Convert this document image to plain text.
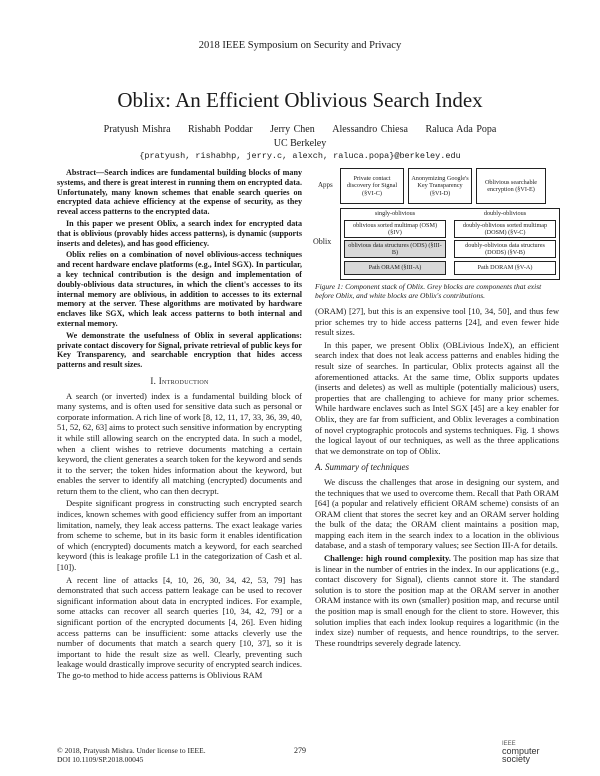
2018 IEEE Symposium on Security and Privacy
Oblix: An Efficient Oblivious Search Index
Pratyush Mishra Rishabh Poddar Jerry Chen Alessandro Chiesa Raluca Ada Popa
UC Berkeley
{pratyush, rishabhp, jerry.c, alexch, raluca.popa}@berkeley.edu

Abstract—Search indices are fundamental building blocks of many systems, and there is great interest in running them on encrypted data. Unfortunately, many known schemes that enable search queries on encrypted data achieve efficiency at the expense of security, as they reveal access patterns to the encrypted data.

In this paper we present Oblix, a search index for encrypted data that is oblivious (provably hides access patterns), is dynamic (supports inserts and deletes), and has good efficiency.

Oblix relies on a combination of novel oblivious-access techniques and recent hardware enclave platforms (e.g., Intel SGX). In particular, a key technical contribution is the design and implementation of doubly-oblivious data structures, in which the client's accesses to its internal memory are oblivious, in addition to accesses to its external memory at the server. These algorithms are motivated by hardware enclaves like SGX, which leak access patterns to both internal and external memory.

We demonstrate the usefulness of Oblix in several applications: private contact discovery for Signal, private retrieval of public keys for Key Transparency, and searchable encryption that hides access patterns and result sizes.

I. Introduction

A search (or inverted) index is a fundamental building block of many systems, and is often used for sensitive data such as personal or corporate information. A rich line of work [8, 12, 11, 17, 33, 36, 39, 40, 51, 52, 62, 63] aims to protect such sensitive information by encrypting it while still allowing search on the encrypted data. In such a model, when a client wishes to retrieve documents matching a certain keyword, the client generates a search token for the keyword and sends it to the server; the token hides information about the keyword, but enables the server to identify all matching (encrypted) documents and return them to the client, who can then decrypt.

Despite significant progress in constructing such encrypted search indices, known schemes with good efficiency suffer from an important limitation, namely, they leak access patterns. The exact leakage varies from scheme to scheme, but in its basic form it enables identification of which (encrypted) documents match a keyword, for each searched keyword (this is leakage profile L1 in the categorization of Cash et al. [10]).

A recent line of attacks [4, 10, 26, 30, 34, 42, 53, 79] has demonstrated that such access pattern leakage can be used to recover significant information about data in encrypted indices. For example, some attacks can recover all search queries [10, 34, 42, 79] or a significant portion of the encrypted documents [4, 26]. Even hiding access patterns can be insufficient: some attacks cleverly use the number of documents that match a search query [10, 37], so it is important to hide the result size as well. Clearly, preventing such leakage would drastically improve security of encrypted search indices. The go-to method to hide access patterns is Oblivious RAM

Apps
Private contact discovery for Signal (§VI-C)
Anonymizing Google's Key Transparency (§VI-D)
Oblivious searchable encryption (§VI-E)
Oblix
singly-oblivious	doubly-oblivious
oblivious sorted multimap (OSM) (§IV)
doubly-oblivious sorted multimap (DOSM) (§V-C)
oblivious data structures (ODS) (§III-B)
doubly-oblivious data structures (DODS) (§V-B)
Path ORAM (§III-A)	Path DORAM (§V-A)
Figure 1: Component stack of Oblix. Grey blocks are components that exist before Oblix, and white blocks are Oblix's contributions.

(ORAM) [27], but this is an expensive tool [10, 34, 50], and thus few prior schemes try to hide access patterns [24], and even fewer hide result sizes.

In this paper, we present Oblix (OBLivious IndeX), an efficient search index that does not leak access patterns and enables hiding the result size of searches. In particular, Oblix protects against all the aforementioned attacks. At the same time, Oblix supports updates (inserts and deletes) as well as multiple (potentially malicious) users, properties that are challenging to achieve for many prior schemes. While hardware enclaves such as Intel SGX [45] are a key enabler for Oblix, they are far from sufficient, and Oblix leverages a combination of novel cryptographic protocols and systems techniques. Fig. 1 shows the logical layout of our techniques, as well as the three applications that we demonstrate on top of Oblix.

A. Summary of techniques

We discuss the challenges that arose in designing our system, and the techniques that we used to overcome them. Recall that Path ORAM [64] (a popular and relatively efficient ORAM scheme) consists of an ORAM client that stores the secret key and an ORAM server holding the bulk of the data; the ORAM client maintains a position map, mapping each item in the search index to a location in the oblivious database, and a stash of temporary values; see Section III-A for details.

Challenge: high round complexity. The position map has size that is linear in the number of entries in the index. In our applications (e.g., contact discovery for Signal), clients cannot store it. The standard solution is to store the position map at the ORAM server in another ORAM instance with its own (smaller) position map, and recurse until the position map is small enough for the client to store. However, this solution implies that each index lookup requires a logarithmic (in the index size) number of requests, and hence roundtrips, to the server. These roundtrips severely degrade latency.

© 2018, Pratyush Mishra. Under license to IEEE.
DOI 10.1109/SP.2018.00045
279
IEEE
computer
society
